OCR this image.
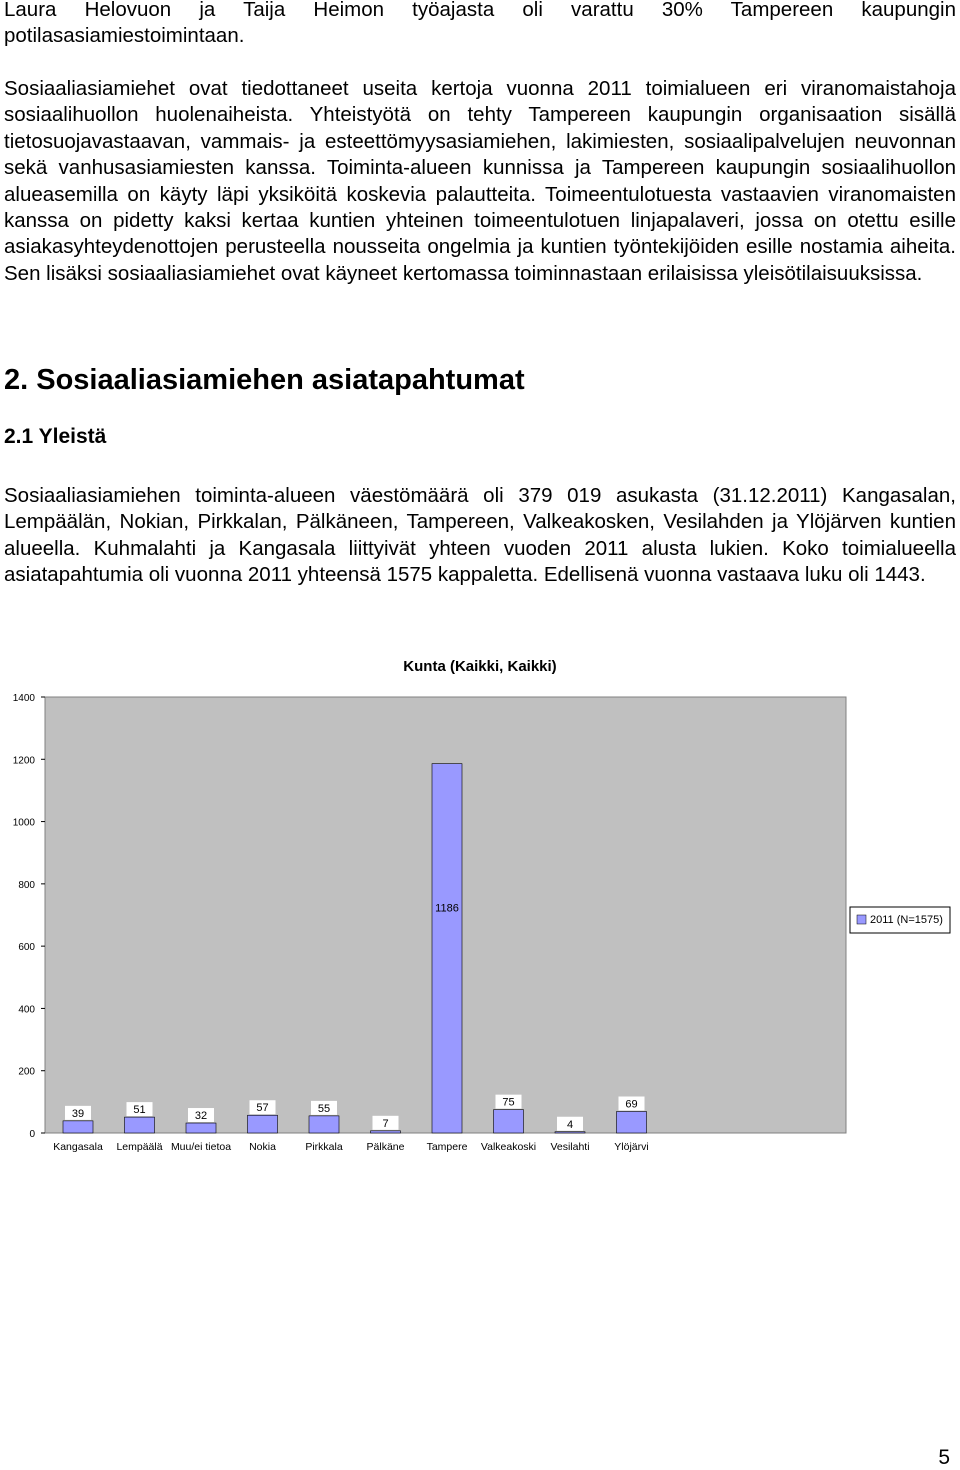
Laura Helovuon ja Taija Heimon työajasta oli varattu 30% Tampereen kaupungin potilasasiamiestoimintaan.

Sosiaaliasiamiehet ovat tiedottaneet useita kertoja vuonna 2011 toimialueen eri viranomaistahoja sosiaalihuollon huolenaiheista. Yhteistyötä on tehty Tampereen kaupungin organisaation sisällä tietosuojavastaavan, vammais- ja esteettömyysasiamiehen, lakimiesten, sosiaalipalvelujen neuvonnan sekä vanhusasiamiesten kanssa. Toiminta-alueen kunnissa ja Tampereen kaupungin sosiaalihuollon alueasemilla on käyty läpi yksiköitä koskevia palautteita. Toimeentulotuesta vastaavien viranomaisten kanssa on pidetty kaksi kertaa kuntien yhteinen toimeentulotuen linjapalaveri, jossa on otettu esille asiakasyhteydenottojen perusteella nousseita ongelmia ja kuntien työntekijöiden esille nostamia aiheita. Sen lisäksi sosiaaliasiamiehet ovat käyneet kertomassa toiminnastaan erilaisissa yleisötilaisuuksissa.

2. Sosiaaliasiamiehen asiatapahtumat
2.1 Yleistä

Sosiaaliasiamiehen toiminta-alueen väestömäärä oli 379 019 asukasta (31.12.2011) Kangasalan, Lempäälän, Nokian, Pirkkalan, Pälkäneen, Tampereen, Valkeakosken, Vesilahden ja Ylöjärven kuntien alueella. Kuhmalahti ja Kangasala liittyivät yhteen vuoden 2011 alusta lukien. Koko toimialueella asiatapahtumia oli vuonna 2011 yhteensä 1575 kappaletta. Edellisenä vuonna vastaava luku oli 1443.

Kunta (Kaikki, Kaikki)
0
200
400
600
800
1000
1200
1400
39	51	32
57	55
7
1186
75
4
69
Kangasala Lempäälä Muu/ei tietoa Nokia	Pirkkala Pälkäne Tampere Valkeakoski Vesilahti Ylöjärvi
2011 (N=1575)
5
